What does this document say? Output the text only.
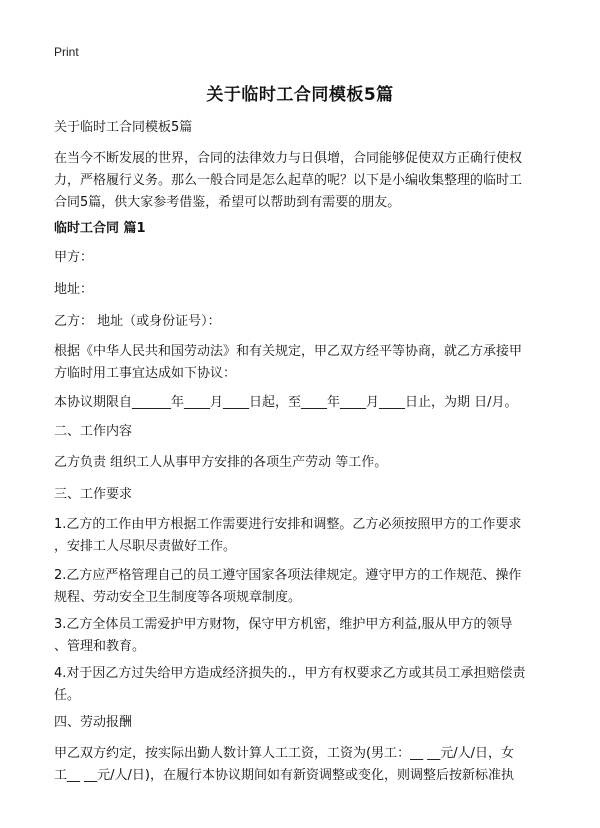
Print
关于临时工合同模板5篇
关于临时工合同模板5篇
在当今不断发展的世界，合同的法律效力与日俱增，合同能够促使双方正确行使权
力，严格履行义务。那么一般合同是怎么起草的呢？以下是小编收集整理的临时工
合同5篇，供大家参考借鉴，希望可以帮助到有需要的朋友。
临时工合同 篇1
甲方：
地址：
乙方： 地址（或身份证号）：
根据《中华人民共和国劳动法》和有关规定，甲乙双方经平等协商，就乙方承接甲
方临时用工事宜达成如下协议：
本协议期限自______年____月____日起，至____年____月____日止，为期 日/月。
二、工作内容
乙方负责 组织工人从事甲方安排的各项生产劳动 等工作。
三、工作要求
1.乙方的工作由甲方根据工作需要进行安排和调整。乙方必须按照甲方的工作要求
，安排工人尽职尽责做好工作。
2.乙方应严格管理自己的员工遵守国家各项法律规定。遵守甲方的工作规范、操作
规程、劳动安全卫生制度等各项规章制度。
3.乙方全体员工需爱护甲方财物，保守甲方机密，维护甲方利益,服从甲方的领导
、管理和教育。
4.对于因乙方过失给甲方造成经济损失的.，甲方有权要求乙方或其员工承担赔偿责
任。
四、劳动报酬
甲乙双方约定，按实际出勤人数计算人工工资，工资为(男工：__ __元/人/日，女
工__ __元/人/日)，在履行本协议期间如有新资调整或变化，则调整后按新标准执
